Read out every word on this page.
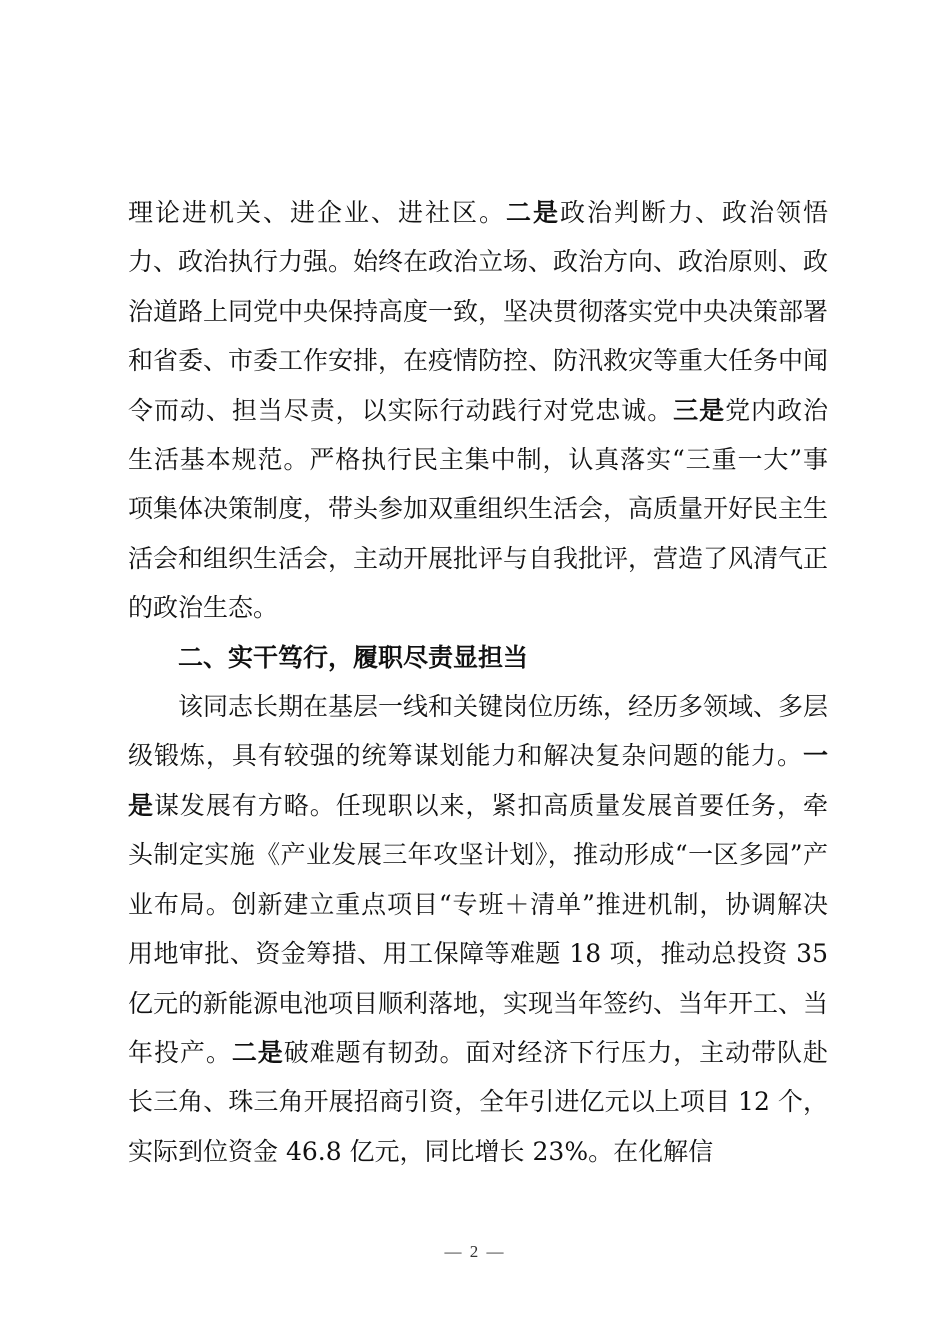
理论进机关、进企业、进社区。二是政治判断力、政治领悟力、政治执行力强。始终在政治立场、政治方向、政治原则、政治道路上同党中央保持高度一致，坚决贯彻落实党中央决策部署和省委、市委工作安排，在疫情防控、防汛救灾等重大任务中闻令而动、担当尽责，以实际行动践行对党忠诚。三是党内政治生活基本规范。严格执行民主集中制，认真落实“三重一大”事项集体决策制度，带头参加双重组织生活会，高质量开好民主生活会和组织生活会，主动开展批评与自我批评，营造了风清气正的政治生态。

二、实干笃行，履职尽责显担当

该同志长期在基层一线和关键岗位历练，经历多领域、多层级锻炼，具有较强的统筹谋划能力和解决复杂问题的能力。一是谋发展有方略。任现职以来，紧扣高质量发展首要任务，牵头制定实施《产业发展三年攻坚计划》，推动形成“一区多园”产业布局。创新建立重点项目“专班＋清单”推进机制，协调解决用地审批、资金筹措、用工保障等难题 18 项，推动总投资 35 亿元的新能源电池项目顺利落地，实现当年签约、当年开工、当年投产。二是破难题有韧劲。面对经济下行压力，主动带队赴长三角、珠三角开展招商引资，全年引进亿元以上项目 12 个，实际到位资金 46.8 亿元，同比增长 23%。在化解信

— 2 —
